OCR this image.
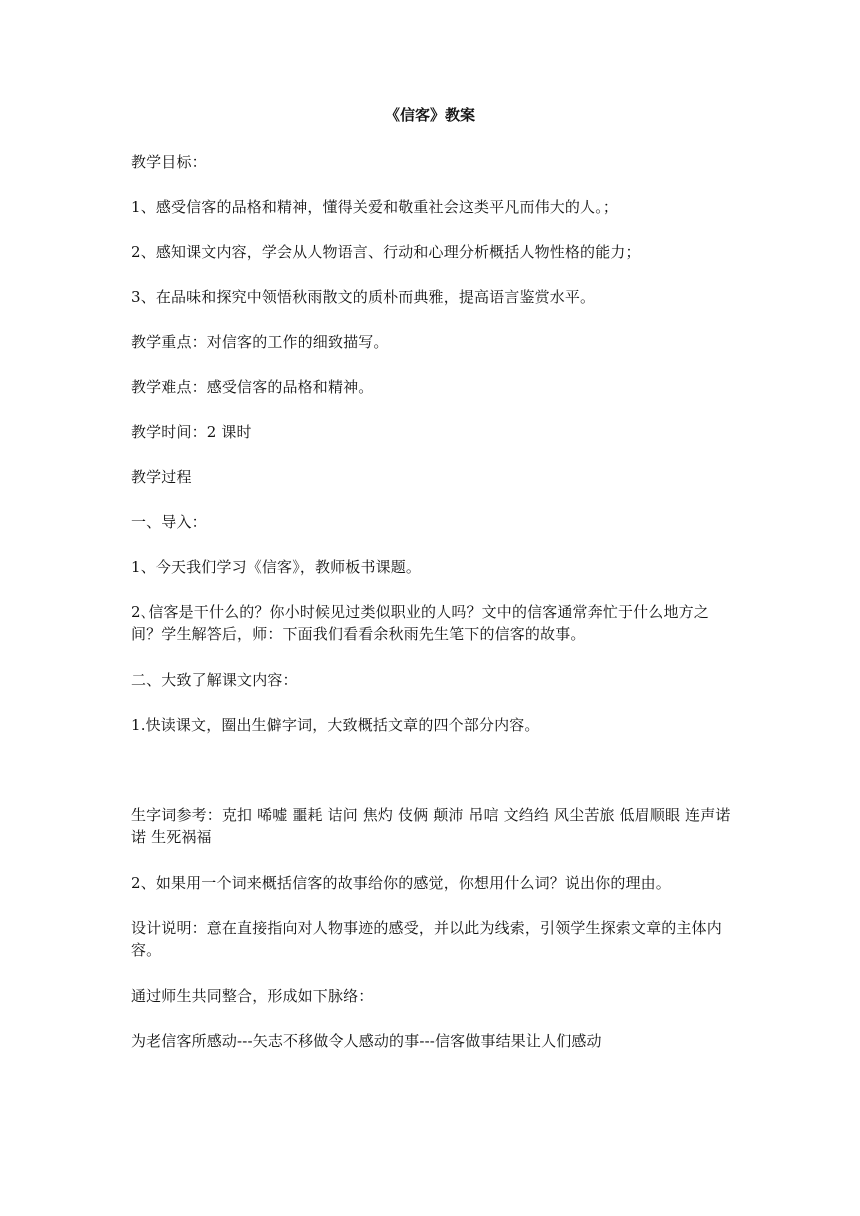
《信客》教案

教学目标：

1、感受信客的品格和精神，懂得关爱和敬重社会这类平凡而伟大的人。；

2、感知课文内容，学会从人物语言、行动和心理分析概括人物性格的能力；

3、在品味和探究中领悟秋雨散文的质朴而典雅，提高语言鉴赏水平。

教学重点：对信客的工作的细致描写。

教学难点：感受信客的品格和精神。

教学时间：2 课时

教学过程

一、导入：

1、今天我们学习《信客》，教师板书课题。

2､信客是干什么的？你小时候见过类似职业的人吗？文中的信客通常奔忙于什么地方之间？学生解答后，师：下面我们看看余秋雨先生笔下的信客的故事。

二、大致了解课文内容：

1.快读课文，圈出生僻字词，大致概括文章的四个部分内容。

生字词参考：克扣 唏嘘 噩耗 诘问 焦灼 伎俩 颠沛 吊唁 文绉绉 风尘苦旅 低眉顺眼 连声诺诺 生死祸福

2、如果用一个词来概括信客的故事给你的感觉，你想用什么词？说出你的理由。

设计说明：意在直接指向对人物事迹的感受，并以此为线索，引领学生探索文章的主体内容。

通过师生共同整合，形成如下脉络：

为老信客所感动---矢志不移做令人感动的事---信客做事结果让人们感动
